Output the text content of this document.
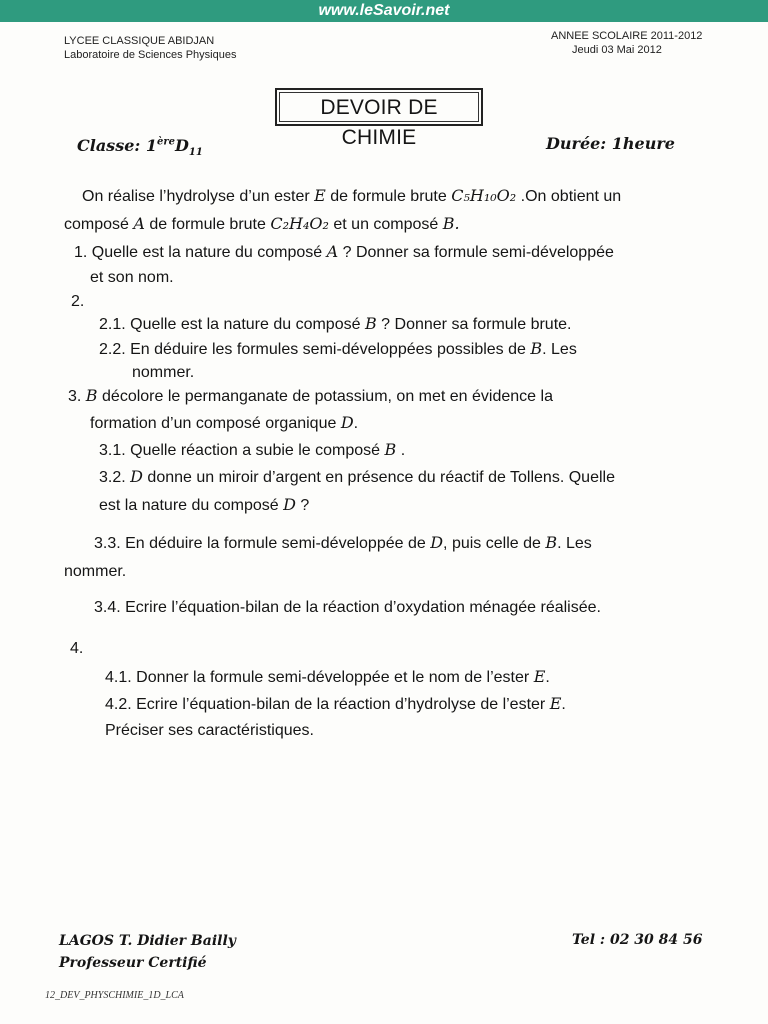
www.leSavoir.net
LYCEE CLASSIQUE ABIDJAN
Laboratoire de Sciences Physiques
ANNEE SCOLAIRE 2011-2012
Jeudi 03 Mai 2012
DEVOIR DE CHIMIE
Classe: $1èreD_{11}$	Durée: 1heure
On réalise l’hydrolyse d’un ester E de formule brute C₅H₁₀O₂ .On obtient un
composé A de formule brute C₂H₄O₂ et un composé B.
1. Quelle est la nature du composé A ? Donner sa formule semi-développée
et son nom.
2.
2.1. Quelle est la nature du composé B ? Donner sa formule brute.
2.2. En déduire les formules semi-développées possibles de B. Les
nommer.
3. B décolore le permanganate de potassium, on met en évidence la
formation d’un composé organique D.
3.1. Quelle réaction a subie le composé B .
3.2. D donne un miroir d’argent en présence du réactif de Tollens. Quelle
est la nature du composé D ?
3.3. En déduire la formule semi-développée de D, puis celle de B. Les
nommer.
3.4. Ecrire l’équation-bilan de la réaction d’oxydation ménagée réalisée.
4.
4.1. Donner la formule semi-développée et le nom de l’ester E.
4.2. Ecrire l’équation-bilan de la réaction d’hydrolyse de l’ester E.
Préciser ses caractéristiques.
LAGOS T. Didier Bailly
Professeur Certifié
Tel : 02 30 84 56
12_DEV_PHYSCHIMIE_1D_LCA
